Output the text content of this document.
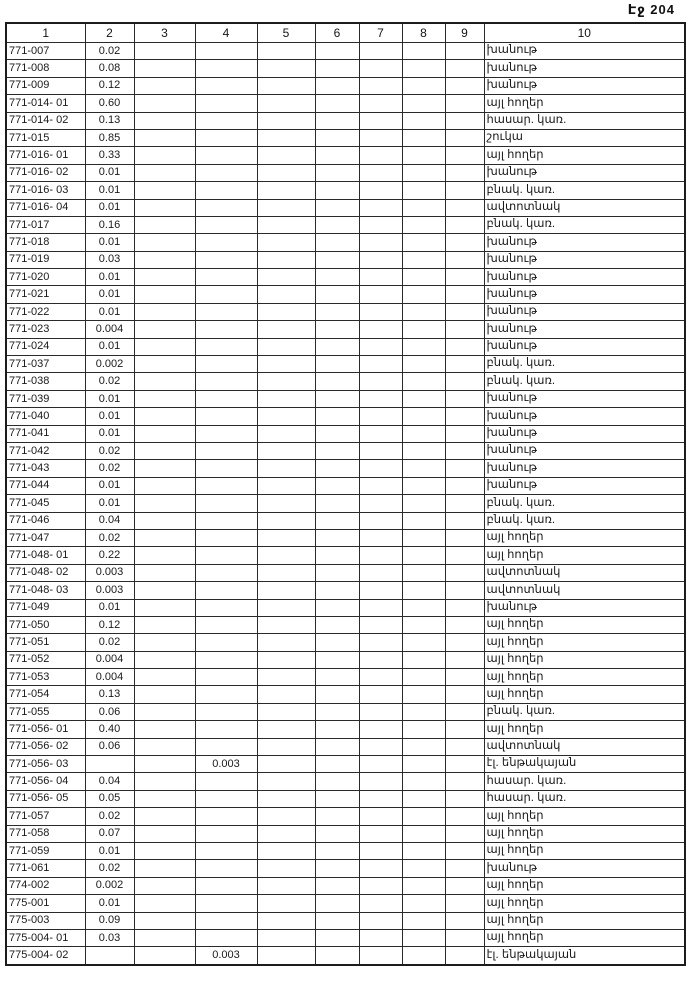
Էջ 204
1	2	3	4	5	6	7	8	9	10
771-007	0.02								խանութ
771-008	0.08								խանութ
771-009	0.12								խանութ
771-014- 01	0.60								այլ հողեր
771-014- 02	0.13								հասար. կառ.
771-015	0.85								շուկա
771-016- 01	0.33								այլ հողեր
771-016- 02	0.01								խանութ
771-016- 03	0.01								բնակ. կառ.
771-016- 04	0.01								ավտոտնակ
771-017	0.16								բնակ. կառ.
771-018	0.01								խանութ
771-019	0.03								խանութ
771-020	0.01								խանութ
771-021	0.01								խանութ
771-022	0.01								խանութ
771-023	0.004								խանութ
771-024	0.01								խանութ
771-037	0.002								բնակ. կառ.
771-038	0.02								բնակ. կառ.
771-039	0.01								խանութ
771-040	0.01								խանութ
771-041	0.01								խանութ
771-042	0.02								խանութ
771-043	0.02								խանութ
771-044	0.01								խանութ
771-045	0.01								բնակ. կառ.
771-046	0.04								բնակ. կառ.
771-047	0.02								այլ հողեր
771-048- 01	0.22								այլ հողեր
771-048- 02	0.003								ավտոտնակ
771-048- 03	0.003								ավտոտնակ
771-049	0.01								խանութ
771-050	0.12								այլ հողեր
771-051	0.02								այլ հողեր
771-052	0.004								այլ հողեր
771-053	0.004								այլ հողեր
771-054	0.13								այլ հողեր
771-055	0.06								բնակ. կառ.
771-056- 01	0.40								այլ հողեր
771-056- 02	0.06								ավտոտնակ
771-056- 03			0.003						էլ. ենթակայան
771-056- 04	0.04								հասար. կառ.
771-056- 05	0.05								հասար. կառ.
771-057	0.02								այլ հողեր
771-058	0.07								այլ հողեր
771-059	0.01								այլ հողեր
771-061	0.02								խանութ
774-002	0.002								այլ հողեր
775-001	0.01								այլ հողեր
775-003	0.09								այլ հողեր
775-004- 01	0.03								այլ հողեր
775-004- 02			0.003						էլ. ենթակայան
